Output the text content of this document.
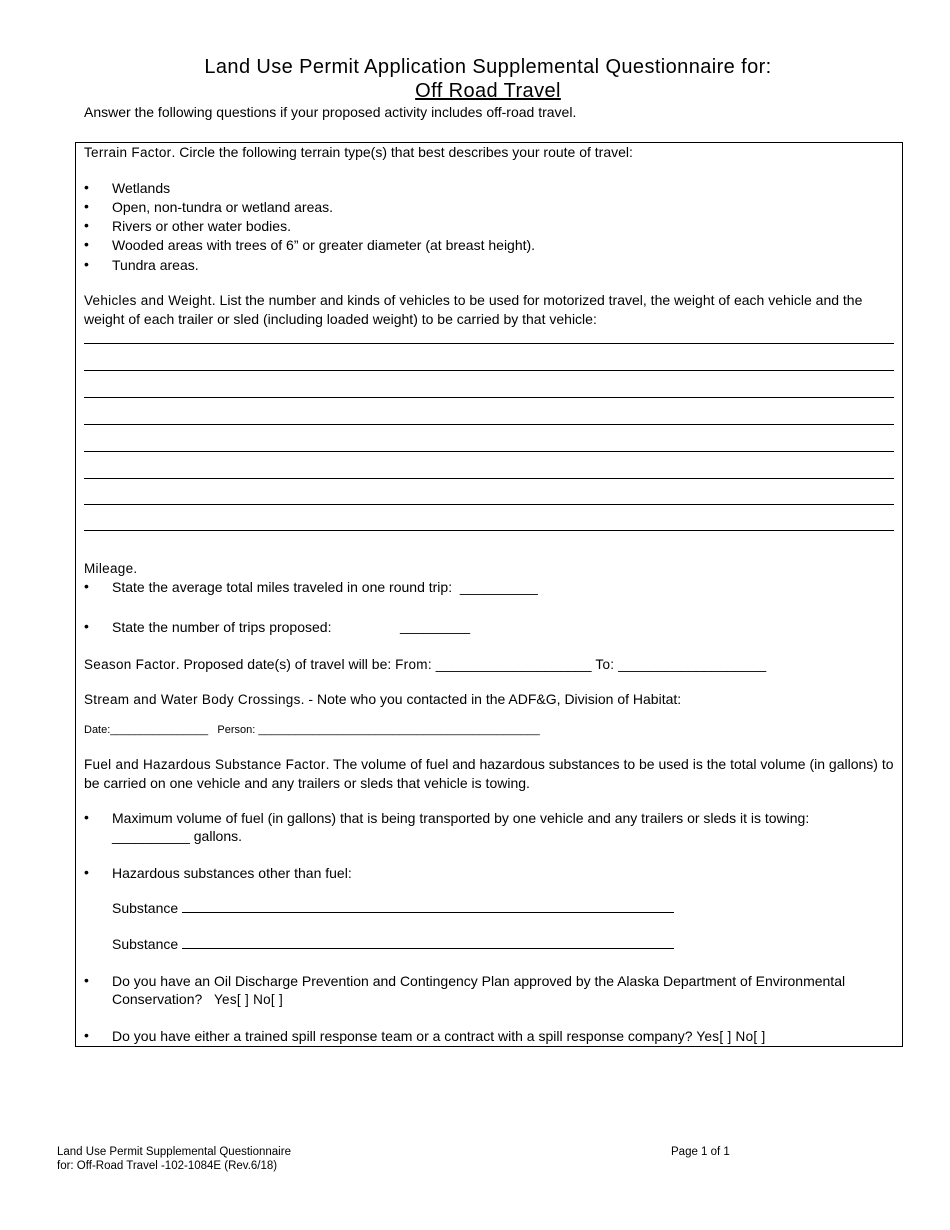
Land Use Permit Application Supplemental Questionnaire for:
Off Road Travel
Answer the following questions if your proposed activity includes off-road travel.
Terrain Factor. Circle the following terrain type(s) that best describes your route of travel:
• Wetlands
• Open, non-tundra or wetland areas.
• Rivers or other water bodies.
• Wooded areas with trees of 6” or greater diameter (at breast height).
• Tundra areas.
Vehicles and Weight. List the number and kinds of vehicles to be used for motorized travel, the weight of each vehicle and the weight of each trailer or sled (including loaded weight) to be carried by that vehicle:
Mileage.
• State the average total miles traveled in one round trip: __________
• State the number of trips proposed:	_________
Season Factor. Proposed date(s) of travel will be: From: ____________________ To: ___________________
Stream and Water Body Crossings. - Note who you contacted in the ADF&G, Division of Habitat:
Date:________________ Person: ______________________________________________
Fuel and Hazardous Substance Factor. The volume of fuel and hazardous substances to be used is the total volume (in gallons) to be carried on one vehicle and any trailers or sleds that vehicle is towing.
• Maximum volume of fuel (in gallons) that is being transported by one vehicle and any trailers or sleds it is towing: __________ gallons.
• Hazardous substances other than fuel:
Substance
Substance
• Do you have an Oil Discharge Prevention and Contingency Plan approved by the Alaska Department of Environmental Conservation? Yes[ ] No[ ]
• Do you have either a trained spill response team or a contract with a spill response company? Yes[ ] No[ ]
Land Use Permit Supplemental Questionnaire
for: Off-Road Travel -102-1084E (Rev.6/18)
Page 1 of 1
